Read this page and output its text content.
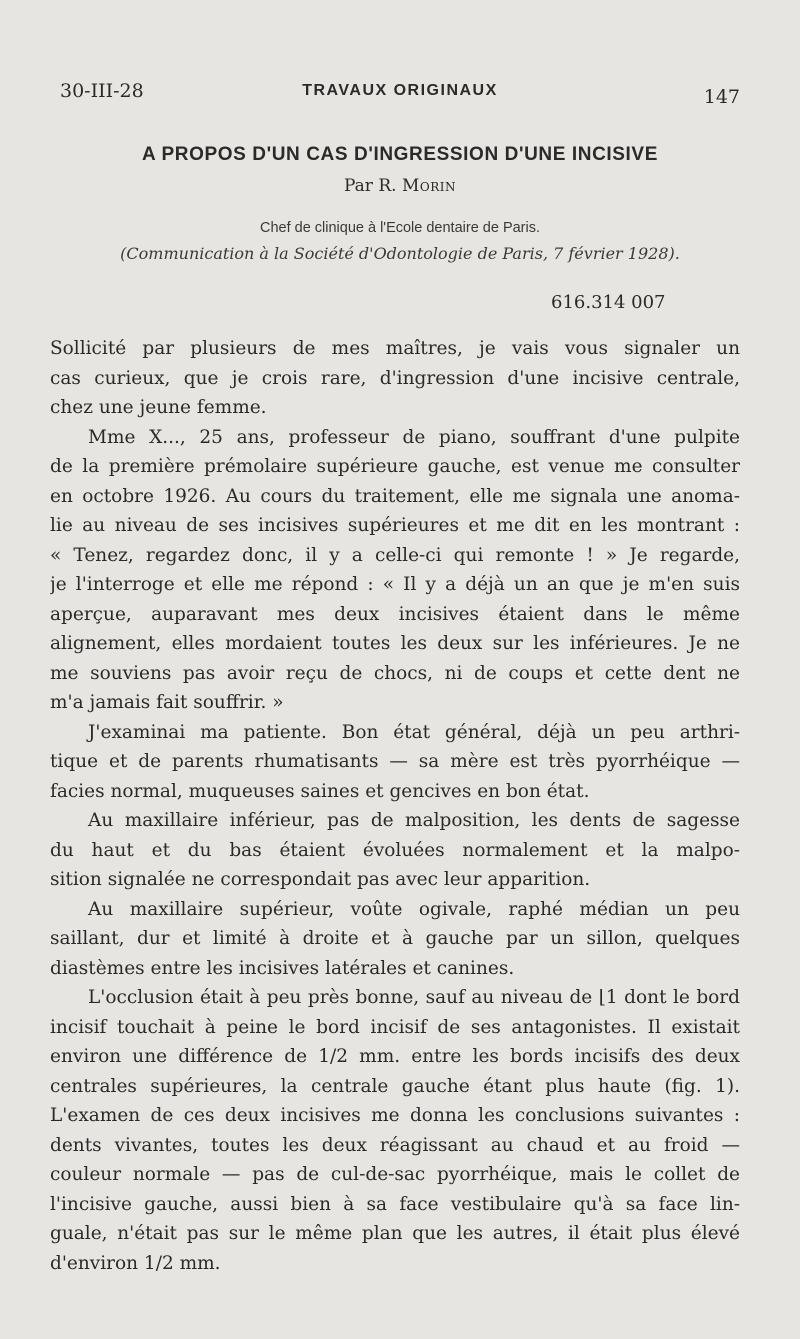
30-III-28	TRAVAUX ORIGINAUX	147
A PROPOS D'UN CAS D'INGRESSION D'UNE INCISIVE
Par R. Morin
Chef de clinique à l'Ecole dentaire de Paris.
(Communication à la Société d'Odontologie de Paris, 7 février 1928).
616.314 007
Sollicité par plusieurs de mes maîtres, je vais vous signaler un
cas curieux, que je crois rare, d'ingression d'une incisive centrale,
chez une jeune femme.
Mme X..., 25 ans, professeur de piano, souffrant d'une pulpite
de la première prémolaire supérieure gauche, est venue me consulter
en octobre 1926. Au cours du traitement, elle me signala une anoma-
lie au niveau de ses incisives supérieures et me dit en les montrant :
« Tenez, regardez donc, il y a celle-ci qui remonte ! » Je regarde,
je l'interroge et elle me répond : « Il y a déjà un an que je m'en suis
aperçue, auparavant mes deux incisives étaient dans le même
alignement, elles mordaient toutes les deux sur les inférieures. Je ne
me souviens pas avoir reçu de chocs, ni de coups et cette dent ne
m'a jamais fait souffrir. »
J'examinai ma patiente. Bon état général, déjà un peu arthri-
tique et de parents rhumatisants — sa mère est très pyorrhéique —
facies normal, muqueuses saines et gencives en bon état.
Au maxillaire inférieur, pas de malposition, les dents de sagesse
du haut et du bas étaient évoluées normalement et la malpo-
sition signalée ne correspondait pas avec leur apparition.
Au maxillaire supérieur, voûte ogivale, raphé médian un peu
saillant, dur et limité à droite et à gauche par un sillon, quelques
diastèmes entre les incisives latérales et canines.
L'occlusion était à peu près bonne, sauf au niveau de ⌊1 dont le bord
incisif touchait à peine le bord incisif de ses antagonistes. Il existait
environ une différence de 1/2 mm. entre les bords incisifs des deux
centrales supérieures, la centrale gauche étant plus haute (fig. 1).
L'examen de ces deux incisives me donna les conclusions suivantes :
dents vivantes, toutes les deux réagissant au chaud et au froid —
couleur normale — pas de cul-de-sac pyorrhéique, mais le collet de
l'incisive gauche, aussi bien à sa face vestibulaire qu'à sa face lin-
guale, n'était pas sur le même plan que les autres, il était plus élevé
d'environ 1/2 mm.
